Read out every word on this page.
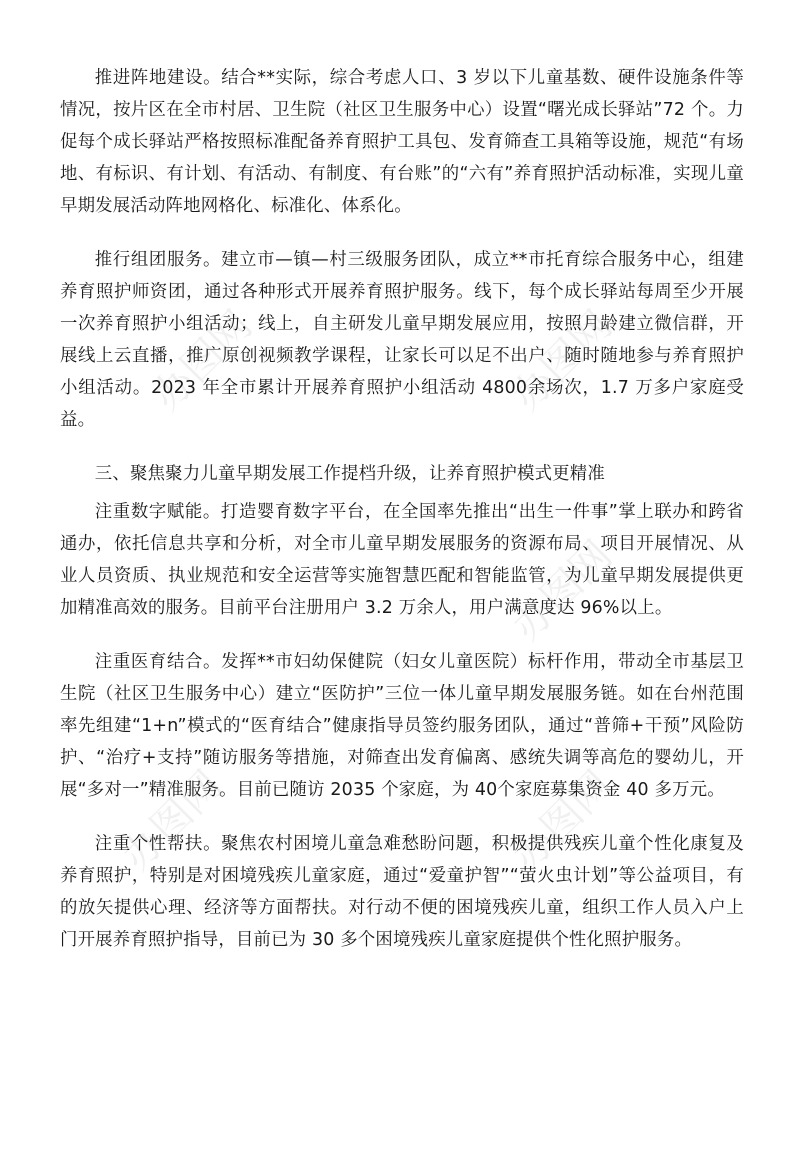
办图网	办图网
办图网
办图网	办图网

推进阵地建设。结合**实际，综合考虑人口、3 岁以下儿童基数、硬件设施条件等情况，按片区在全市村居、卫生院（社区卫生服务中心）设置“曙光成长驿站”72 个。力促每个成长驿站严格按照标准配备养育照护工具包、发育筛查工具箱等设施，规范“有场地、有标识、有计划、有活动、有制度、有台账”的“六有”养育照护活动标准，实现儿童早期发展活动阵地网格化、标准化、体系化。

推行组团服务。建立市—镇—村三级服务团队，成立**市托育综合服务中心，组建养育照护师资团，通过各种形式开展养育照护服务。线下，每个成长驿站每周至少开展一次养育照护小组活动；线上，自主研发儿童早期发展应用，按照月龄建立微信群，开展线上云直播，推广原创视频教学课程，让家长可以足不出户、随时随地参与养育照护小组活动。2023 年全市累计开展养育照护小组活动 4800余场次，1.7 万多户家庭受益。

三、聚焦聚力儿童早期发展工作提档升级，让养育照护模式更精准

注重数字赋能。打造婴育数字平台，在全国率先推出“出生一件事”掌上联办和跨省通办，依托信息共享和分析，对全市儿童早期发展服务的资源布局、项目开展情况、从业人员资质、执业规范和安全运营等实施智慧匹配和智能监管，为儿童早期发展提供更加精准高效的服务。目前平台注册用户 3.2 万余人，用户满意度达 96%以上。

注重医育结合。发挥**市妇幼保健院（妇女儿童医院）标杆作用，带动全市基层卫生院（社区卫生服务中心）建立“医防护”三位一体儿童早期发展服务链。如在台州范围率先组建“1+n”模式的“医育结合”健康指导员签约服务团队，通过“普筛+干预”风险防护、“治疗+支持”随访服务等措施，对筛查出发育偏离、感统失调等高危的婴幼儿，开展“多对一”精准服务。目前已随访 2035 个家庭，为 40个家庭募集资金 40 多万元。

注重个性帮扶。聚焦农村困境儿童急难愁盼问题，积极提供残疾儿童个性化康复及养育照护，特别是对困境残疾儿童家庭，通过“爱童护智”“萤火虫计划”等公益项目，有的放矢提供心理、经济等方面帮扶。对行动不便的困境残疾儿童，组织工作人员入户上门开展养育照护指导，目前已为 30 多个困境残疾儿童家庭提供个性化照护服务。
